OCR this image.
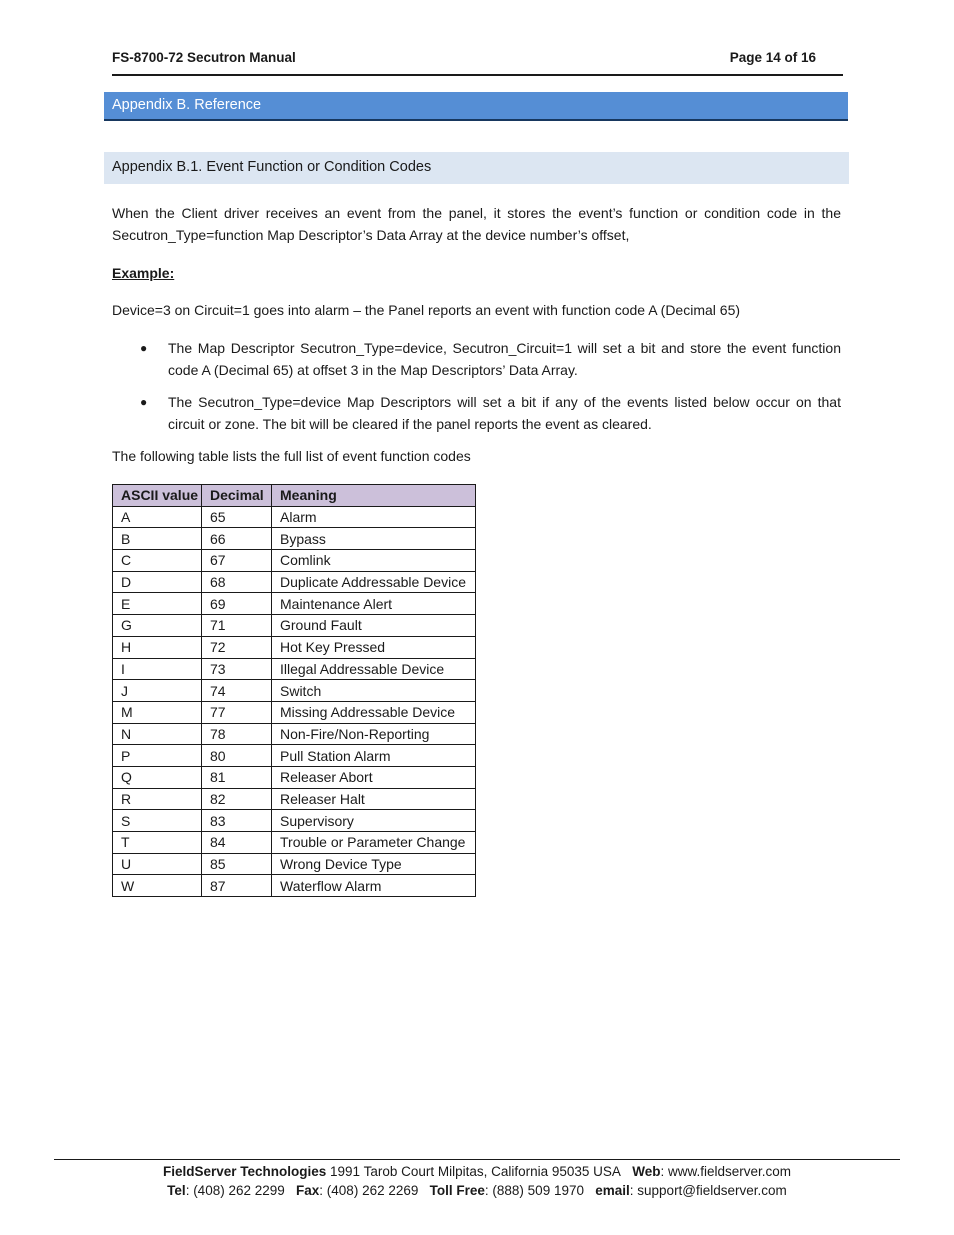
FS-8700-72 Secutron Manual	Page 14 of 16
Appendix B. Reference
Appendix B.1. Event Function or Condition Codes
When the Client driver receives an event from the panel, it stores the event’s function or condition code in the Secutron_Type=function Map Descriptor’s Data Array at the device number’s offset,
Example:
Device=3 on Circuit=1 goes into alarm – the Panel reports an event with function code A (Decimal 65)
● The Map Descriptor Secutron_Type=device, Secutron_Circuit=1 will set a bit and store the event function code A (Decimal 65) at offset 3 in the Map Descriptors’ Data Array.
● The Secutron_Type=device Map Descriptors will set a bit if any of the events listed below occur on that circuit or zone. The bit will be cleared if the panel reports the event as cleared.
The following table lists the full list of event function codes
ASCII value	Decimal	Meaning
A	65	Alarm
B	66	Bypass
C	67	Comlink
D	68	Duplicate Addressable Device
E	69	Maintenance Alert
G	71	Ground Fault
H	72	Hot Key Pressed
I	73	Illegal Addressable Device
J	74	Switch
M	77	Missing Addressable Device
N	78	Non-Fire/Non-Reporting
P	80	Pull Station Alarm
Q	81	Releaser Abort
R	82	Releaser Halt
S	83	Supervisory
T	84	Trouble or Parameter Change
U	85	Wrong Device Type
W	87	Waterflow Alarm
FieldServer Technologies 1991 Tarob Court Milpitas, California 95035 USA Web: www.fieldserver.com
Tel: (408) 262 2299 Fax: (408) 262 2269 Toll Free: (888) 509 1970 email: support@fieldserver.com
